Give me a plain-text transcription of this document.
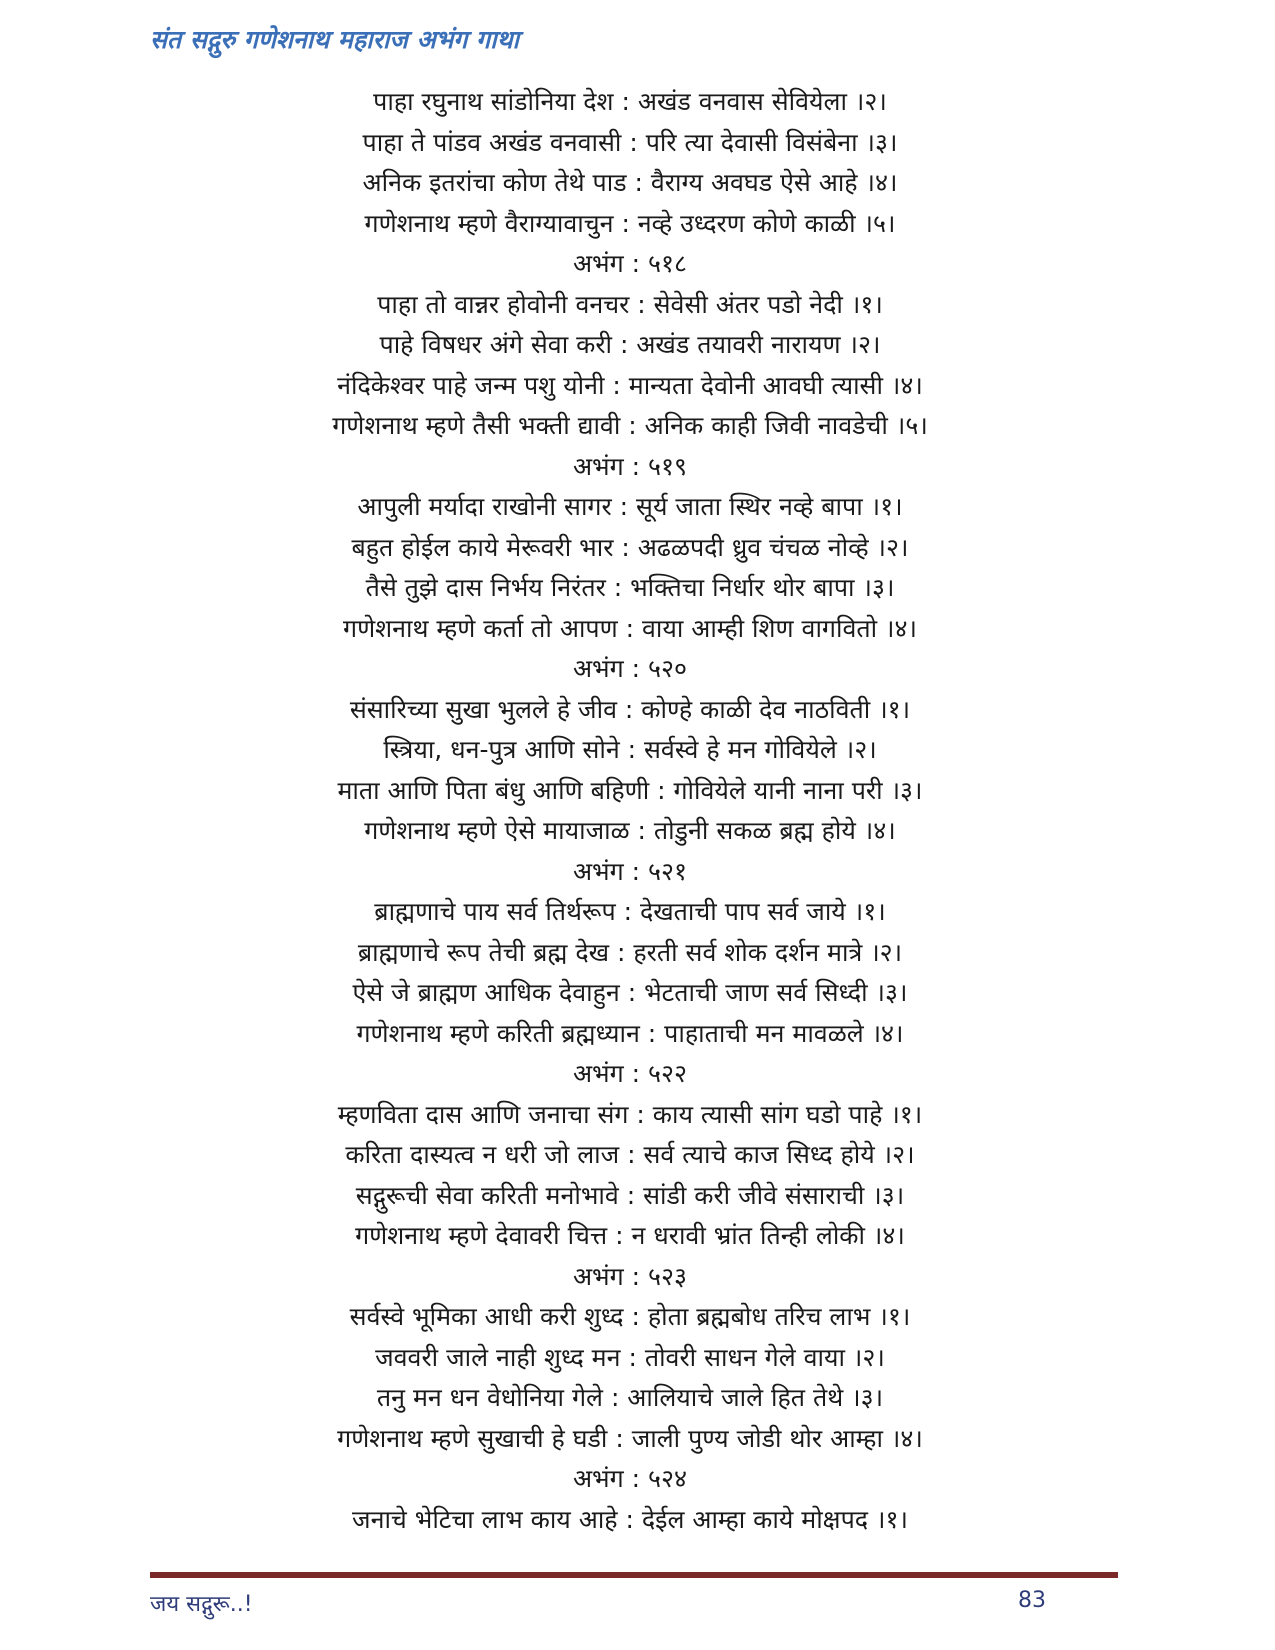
संत सद्गुरु गणेशनाथ महाराज अभंग गाथा
पाहा रघुनाथ सांडोनिया देश : अखंड वनवास सेवियेला ।२।
पाहा ते पांडव अखंड वनवासी : परि त्या देवासी विसंबेना ।३।
अनिक इतरांचा कोण तेथे पाड : वैराग्य अवघड ऐसे आहे ।४।
गणेशनाथ म्हणे वैराग्यावाचुन : नव्हे उध्दरण कोणे काळी ।५।
अभंग : ५१८
पाहा तो वान्नर होवोनी वनचर : सेवेसी अंतर पडो नेदी ।१।
पाहे विषधर अंगे सेवा करी : अखंड तयावरी नारायण ।२।
नंदिकेश्वर पाहे जन्म पशु योनी : मान्यता देवोनी आवघी त्यासी ।४।
गणेशनाथ म्हणे तैसी भक्ती द्यावी : अनिक काही जिवी नावडेची ।५।
अभंग : ५१९
आपुली मर्यादा राखोनी सागर : सूर्य जाता स्थिर नव्हे बापा ।१।
बहुत होईल काये मेरूवरी भार : अढळपदी ध्रुव चंचळ नोव्हे ।२।
तैसे तुझे दास निर्भय निरंतर : भक्तिचा निर्धार थोर बापा ।३।
गणेशनाथ म्हणे कर्ता तो आपण : वाया आम्ही शिण वागवितो ।४।
अभंग : ५२०
संसारिच्या सुखा भुलले हे जीव : कोण्हे काळी देव नाठविती ।१।
स्त्रिया, धन-पुत्र आणि सोने : सर्वस्वे हे मन गोवियेले ।२।
माता आणि पिता बंधु आणि बहिणी : गोवियेले यानी नाना परी ।३।
गणेशनाथ म्हणे ऐसे मायाजाळ : तोडुनी सकळ ब्रह्म होये ।४।
अभंग : ५२१
ब्राह्मणाचे पाय सर्व तिर्थरूप : देखताची पाप सर्व जाये ।१।
ब्राह्मणाचे रूप तेची ब्रह्म देख : हरती सर्व शोक दर्शन मात्रे ।२।
ऐसे जे ब्राह्मण आधिक देवाहुन : भेटताची जाण सर्व सिध्दी ।३।
गणेशनाथ म्हणे करिती ब्रह्मध्यान : पाहाताची मन मावळले ।४।
अभंग : ५२२
म्हणविता दास आणि जनाचा संग : काय त्यासी सांग घडो पाहे ।१।
करिता दास्यत्व न धरी जो लाज : सर्व त्याचे काज सिध्द होये ।२।
सद्गुरूची सेवा करिती मनोभावे : सांडी करी जीवे संसाराची ।३।
गणेशनाथ म्हणे देवावरी चित्त : न धरावी भ्रांत तिन्ही लोकी ।४।
अभंग : ५२३
सर्वस्वे भूमिका आधी करी शुध्द : होता ब्रह्मबोध तरिच लाभ ।१।
जववरी जाले नाही शुध्द मन : तोवरी साधन गेले वाया ।२।
तनु मन धन वेधोनिया गेले : आलियाचे जाले हित तेथे ।३।
गणेशनाथ म्हणे सुखाची हे घडी : जाली पुण्य जोडी थोर आम्हा ।४।
अभंग : ५२४
जनाचे भेटिचा लाभ काय आहे : देईल आम्हा काये मोक्षपद ।१।
जय सद्गुरू..!	83
